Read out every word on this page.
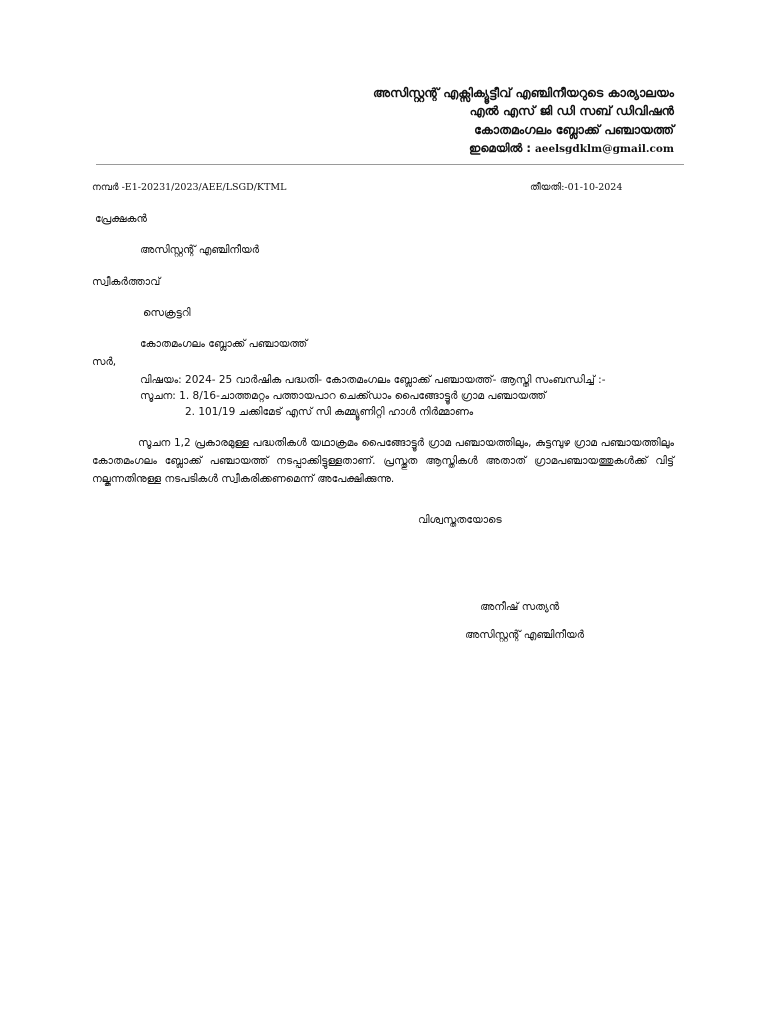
അസിസ്റ്റന്റ് എക്സിക്യൂട്ടീവ് എഞ്ചിനീയറുടെ കാര്യാലയം
എൽ എസ് ജി ഡി സബ് ഡിവിഷൻ
കോതമംഗലം ബ്ലോക്ക് പഞ്ചായത്ത്
ഇമെയിൽ : aeelsgdklm@gmail.com
നമ്പർ -E1-20231/2023/AEE/LSGD/KTML	തീയതി:-01-10-2024
പ്രേക്ഷകൻ
അസിസ്റ്റന്റ് എഞ്ചിനീയർ
സ്വീകർത്താവ്
സെക്രട്ടറി
കോതമംഗലം ബ്ലോക്ക് പഞ്ചായത്ത്
സർ,
വിഷയം: 2024- 25 വാർഷിക പദ്ധതി- കോതമംഗലം ബ്ലോക്ക് പഞ്ചായത്ത്- ആസ്തി സംബന്ധിച്ച് :-
സൂചന: 1. 8/16-ചാത്തമറ്റം പത്തായപാറ ചെക്ക്ഡാം പൈങ്ങോട്ടൂർ ഗ്രാമ പഞ്ചായത്ത്
2. 101/19 ചക്കിമേട് എസ് സി കമ്മ്യൂണിറ്റി ഹാൾ നിർമ്മാണം
സൂചന 1,2 പ്രകാരമുള്ള പദ്ധതികൾ യഥാക്രമം പൈങ്ങോട്ടൂർ ഗ്രാമ പഞ്ചായത്തിലും, കുട്ടമ്പുഴ ഗ്രാമ പഞ്ചായത്തിലും കോതമംഗലം ബ്ലോക്ക് പഞ്ചായത്ത് നടപ്പാക്കിട്ടുള്ളതാണ്. പ്രസ്തുത ആസ്തികൾ അതാത് ഗ്രാമപഞ്ചായത്തുകൾക്ക് വിട്ട് നല്കുന്നതിനുള്ള നടപടികൾ സ്വീകരിക്കണമെന്ന് അപേക്ഷിക്കുന്നു.
വിശ്വസ്തതയോടെ
അനീഷ് സത്യൻ
അസിസ്റ്റന്റ് എഞ്ചിനീയർ
